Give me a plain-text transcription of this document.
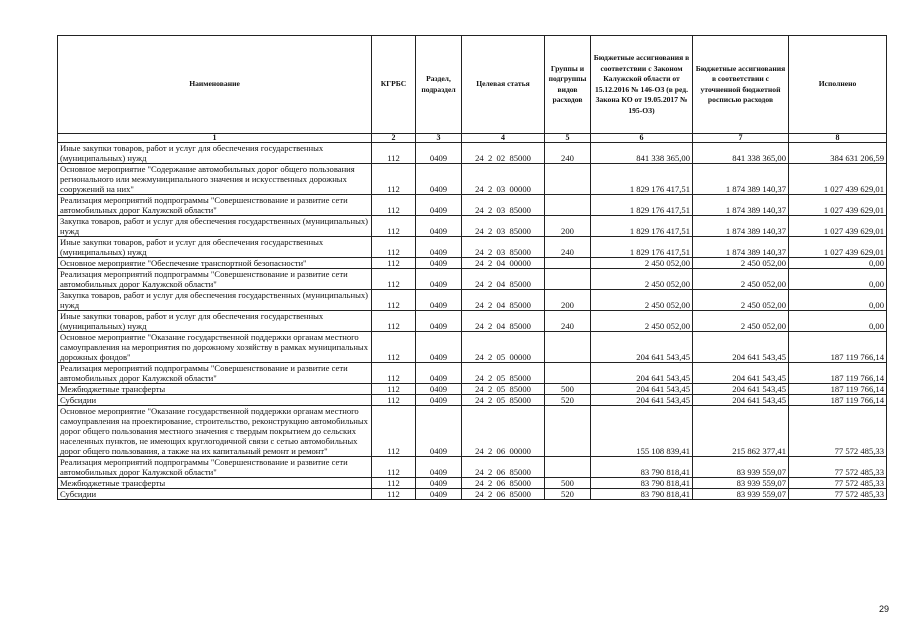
Наименование	КГРБС	Раздел, подраздел	Целевая статья	Группы и подгруппы видов расходов	Бюджетные ассигнования в соответствии с Законом Калужской области от 15.12.2016 № 146-ОЗ (в ред. Закона КО от 19.05.2017 № 195-ОЗ)	Бюджетные ассигнования в соответствии с уточненной бюджетной росписью расходов	Исполнено
1	2	3	4	5	6	7	8
Иные закупки товаров, работ и услуг для обеспечения государственных (муниципальных) нужд	112	0409	24  2  02  85000	240	841 338 365,00	841 338 365,00	384 631 206,59
Основное мероприятие "Содержание автомобильных дорог общего пользования регионального или межмуниципального значения и искусственных дорожных сооружений на них"	112	0409	24  2  03  00000		1 829 176 417,51	1 874 389 140,37	1 027 439 629,01
Реализация мероприятий подпрограммы "Совершенствование и развитие сети автомобильных дорог Калужской области"	112	0409	24  2  03  85000		1 829 176 417,51	1 874 389 140,37	1 027 439 629,01
Закупка товаров, работ и услуг для обеспечения государственных (муниципальных) нужд	112	0409	24  2  03  85000	200	1 829 176 417,51	1 874 389 140,37	1 027 439 629,01
Иные закупки товаров, работ и услуг для обеспечения государственных (муниципальных) нужд	112	0409	24  2  03  85000	240	1 829 176 417,51	1 874 389 140,37	1 027 439 629,01
Основное мероприятие "Обеспечение транспортной безопасности"	112	0409	24  2  04  00000		2 450 052,00	2 450 052,00	0,00
Реализация мероприятий подпрограммы "Совершенствование и развитие сети автомобильных дорог Калужской области"	112	0409	24  2  04  85000		2 450 052,00	2 450 052,00	0,00
Закупка товаров, работ и услуг для обеспечения государственных (муниципальных) нужд	112	0409	24  2  04  85000	200	2 450 052,00	2 450 052,00	0,00
Иные закупки товаров, работ и услуг для обеспечения государственных (муниципальных) нужд	112	0409	24  2  04  85000	240	2 450 052,00	2 450 052,00	0,00
Основное мероприятие "Оказание государственной поддержки органам местного самоуправления на мероприятия по дорожному хозяйству в рамках муниципальных дорожных фондов"	112	0409	24  2  05  00000		204 641 543,45	204 641 543,45	187 119 766,14
Реализация мероприятий подпрограммы "Совершенствование и развитие сети автомобильных дорог Калужской области"	112	0409	24  2  05  85000		204 641 543,45	204 641 543,45	187 119 766,14
Межбюджетные трансферты	112	0409	24  2  05  85000	500	204 641 543,45	204 641 543,45	187 119 766,14
Субсидии	112	0409	24  2  05  85000	520	204 641 543,45	204 641 543,45	187 119 766,14
Основное мероприятие "Оказание государственной поддержки органам местного самоуправления на проектирование, строительство, реконструкцию автомобильных дорог общего пользования местного значения с твердым покрытием до сельских населенных пунктов, не имеющих круглогодичной связи с сетью автомобильных дорог общего пользования, а также на их капитальный ремонт и ремонт"	112	0409	24  2  06  00000		155 108 839,41	215 862 377,41	77 572 485,33
Реализация мероприятий подпрограммы "Совершенствование и развитие сети автомобильных дорог Калужской области"	112	0409	24  2  06  85000		83 790 818,41	83 939 559,07	77 572 485,33
Межбюджетные трансферты	112	0409	24  2  06  85000	500	83 790 818,41	83 939 559,07	77 572 485,33
Субсидии	112	0409	24  2  06  85000	520	83 790 818,41	83 939 559,07	77 572 485,33
29
